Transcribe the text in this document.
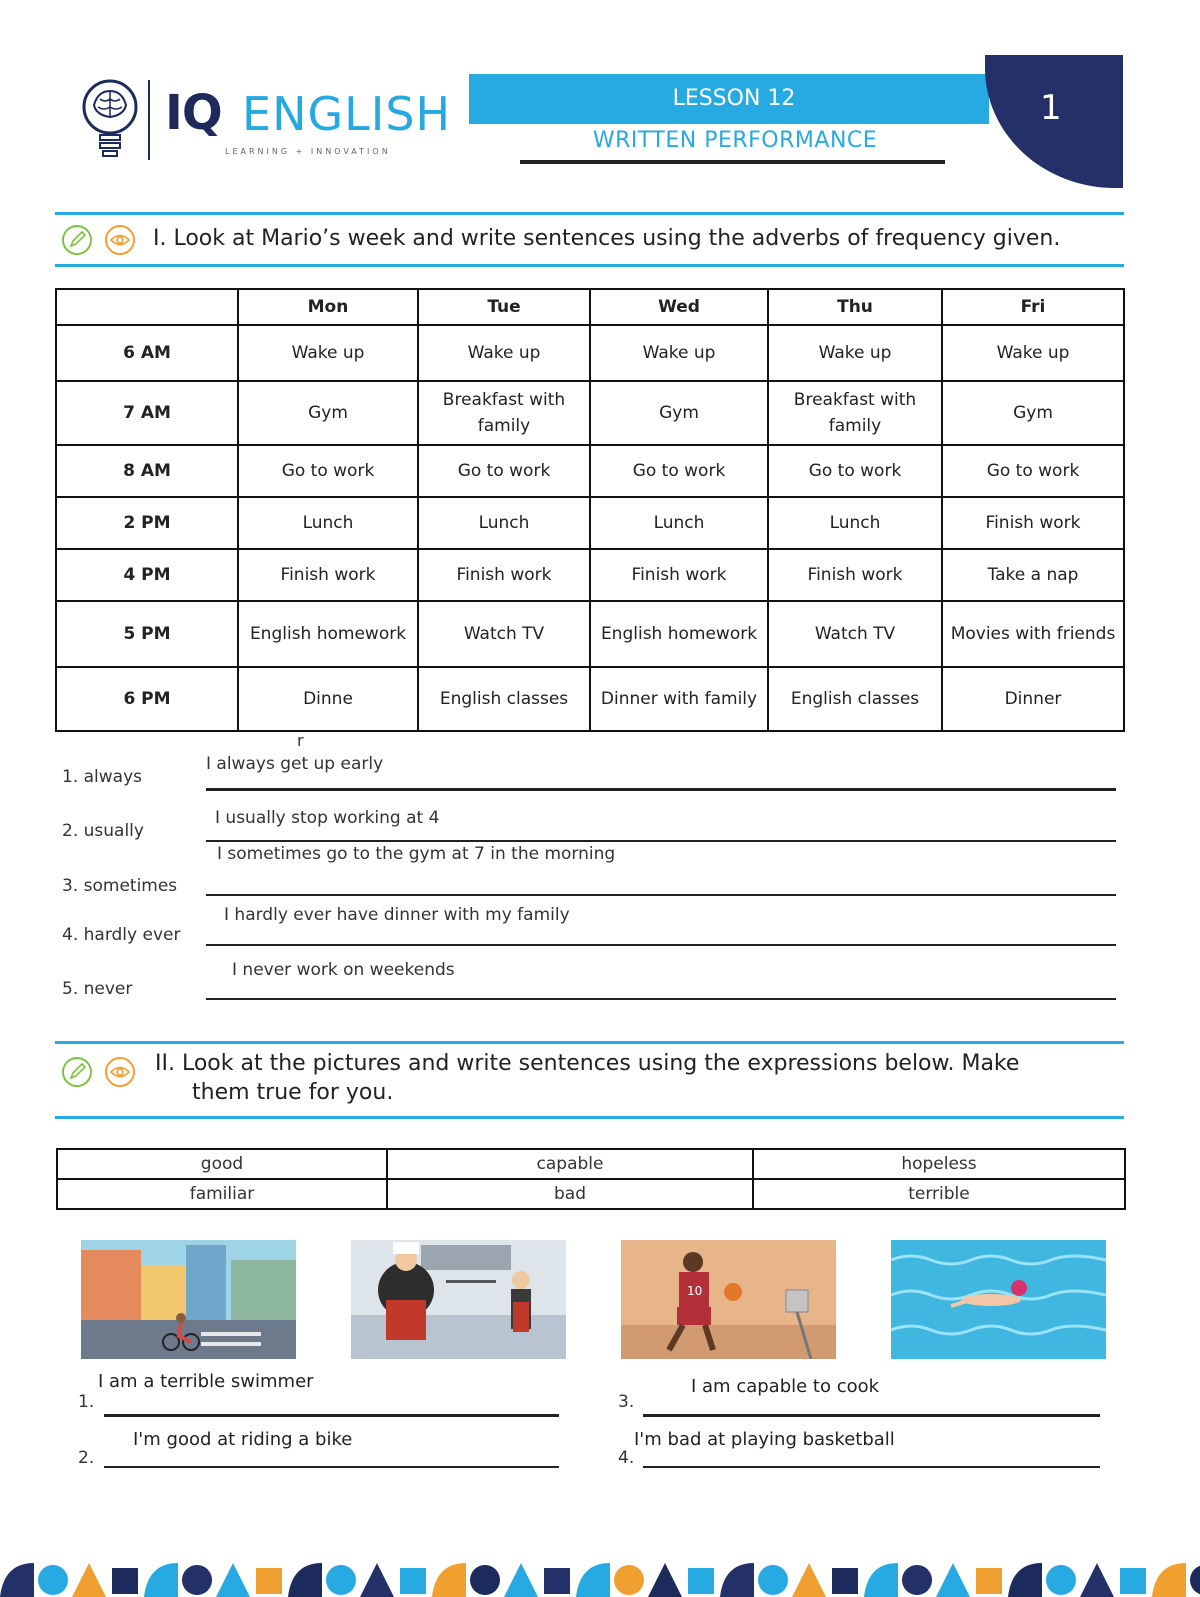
IQ ENGLISH
LEARNING + INNOVATION
LESSON 12	1
WRITTEN PERFORMANCE
I. Look at Mario’s week and write sentences using the adverbs of frequency given.
	Mon	Tue	Wed	Thu	Fri
6 AM	Wake up	Wake up	Wake up	Wake up	Wake up
7 AM	Gym	Breakfast with family	Gym	Breakfast with family	Gym
8 AM	Go to work	Go to work	Go to work	Go to work	Go to work
2 PM	Lunch	Lunch	Lunch	Lunch	Finish work
4 PM	Finish work	Finish work	Finish work	Finish work	Take a nap
5 PM	English homework	Watch TV	English homework	Watch TV	Movies with friends
6 PM	Dinne	English classes	Dinner with family	English classes	Dinner
r
I always get up early
1. always
I usually stop working at 4
2. usually
I sometimes go to the gym at 7 in the morning
3. sometimes
I hardly ever have dinner with my family
4. hardly ever
I never work on weekends
5. never
II. Look at the pictures and write sentences using the expressions below. Make
them true for you.
good	capable	hopeless
familiar	bad	terrible
10
I am a terrible swimmer
1.
I'm good at riding a bike
2.
I am capable to cook
3.
I'm bad at playing basketball
4.
